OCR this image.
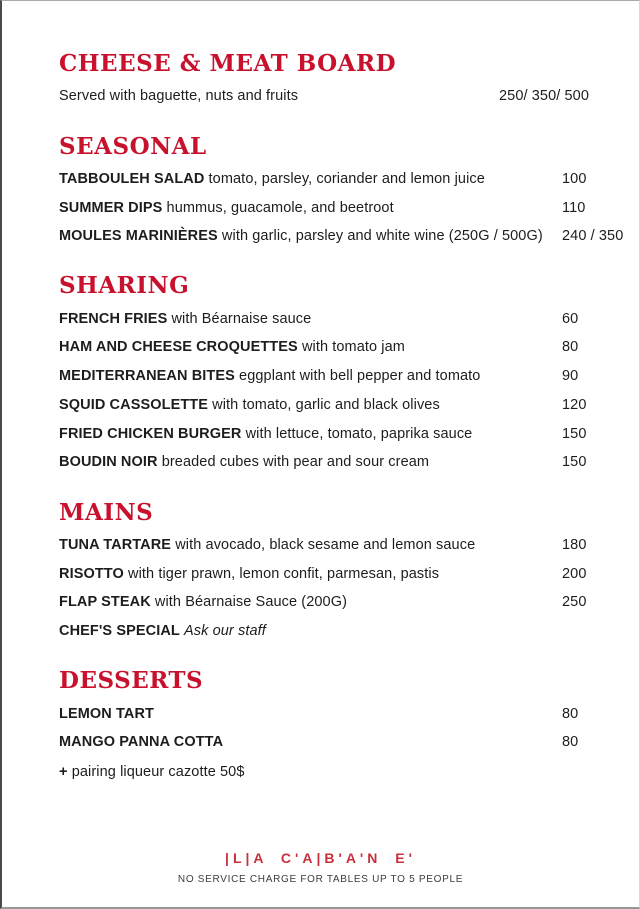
CHEESE & MEAT BOARD
Served with baguette, nuts and fruits	250/ 350/ 500
SEASONAL
TABBOULEH SALAD tomato, parsley, coriander and lemon juice	100
SUMMER DIPS hummus, guacamole, and beetroot	110
MOULES MARINIÈRES with garlic, parsley and white wine (250G / 500G)	240 / 350
SHARING
FRENCH FRIES with Béarnaise sauce	60
HAM AND CHEESE CROQUETTES with tomato jam	80
MEDITERRANEAN BITES eggplant with bell pepper and tomato	90
SQUID CASSOLETTE with tomato, garlic and black olives	120
FRIED CHICKEN BURGER with lettuce, tomato, paprika sauce	150
BOUDIN NOIR breaded cubes with pear and sour cream	150
MAINS
TUNA TARTARE with avocado, black sesame and lemon sauce	180
RISOTTO with tiger prawn, lemon confit, parmesan, pastis	200
FLAP STEAK with Béarnaise Sauce (200G)	250
CHEF'S SPECIAL Ask our staff
DESSERTS
LEMON TART	80
MANGO PANNA COTTA	80
+ pairing liqueur cazotte 50$
|L|A C'A|B'A'N E'
NO SERVICE CHARGE FOR TABLES UP TO 5 PEOPLE
